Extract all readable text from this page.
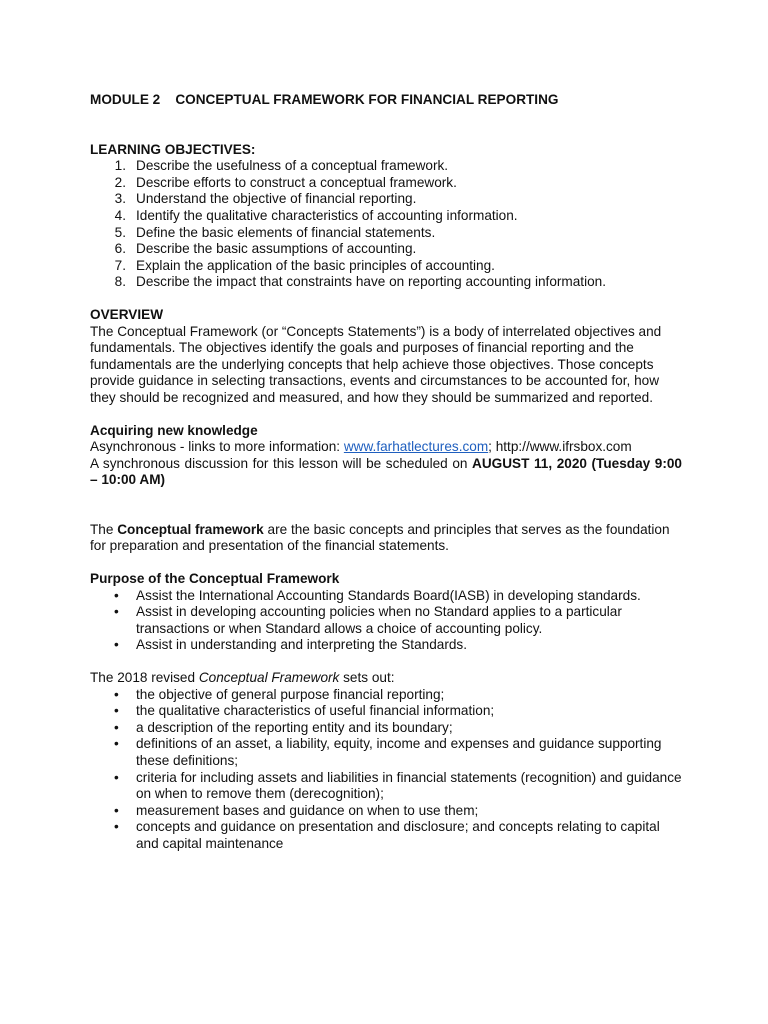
MODULE 2    CONCEPTUAL FRAMEWORK FOR FINANCIAL REPORTING

LEARNING OBJECTIVES:

1. Describe the usefulness of a conceptual framework.
2. Describe efforts to construct a conceptual framework.
3. Understand the objective of financial reporting.
4. Identify the qualitative characteristics of accounting information.
5. Define the basic elements of financial statements.
6. Describe the basic assumptions of accounting.
7. Explain the application of the basic principles of accounting.
8. Describe the impact that constraints have on reporting accounting information.

OVERVIEW

The Conceptual Framework (or “Concepts Statements”) is a body of interrelated objectives and fundamentals. The objectives identify the goals and purposes of financial reporting and the fundamentals are the underlying concepts that help achieve those objectives. Those concepts provide guidance in selecting transactions, events and circumstances to be accounted for, how they should be recognized and measured, and how they should be summarized and reported.

Acquiring new knowledge

Asynchronous - links to more information: www.farhatlectures.com; http://www.ifrsbox.com

A synchronous discussion for this lesson will be scheduled on AUGUST 11, 2020 (Tuesday 9:00 – 10:00 AM)

The Conceptual framework are the basic concepts and principles that serves as the foundation for preparation and presentation of the financial statements.

Purpose of the Conceptual Framework

• Assist the International Accounting Standards Board(IASB) in developing standards.
• Assist in developing accounting policies when no Standard applies to a particular transactions or when Standard allows a choice of accounting policy.
• Assist in understanding and interpreting the Standards.

The 2018 revised Conceptual Framework sets out:

• the objective of general purpose financial reporting;
• the qualitative characteristics of useful financial information;
• a description of the reporting entity and its boundary;
• definitions of an asset, a liability, equity, income and expenses and guidance supporting these definitions;
• criteria for including assets and liabilities in financial statements (recognition) and guidance on when to remove them (derecognition);
• measurement bases and guidance on when to use them;
• concepts and guidance on presentation and disclosure; and concepts relating to capital and capital maintenance
